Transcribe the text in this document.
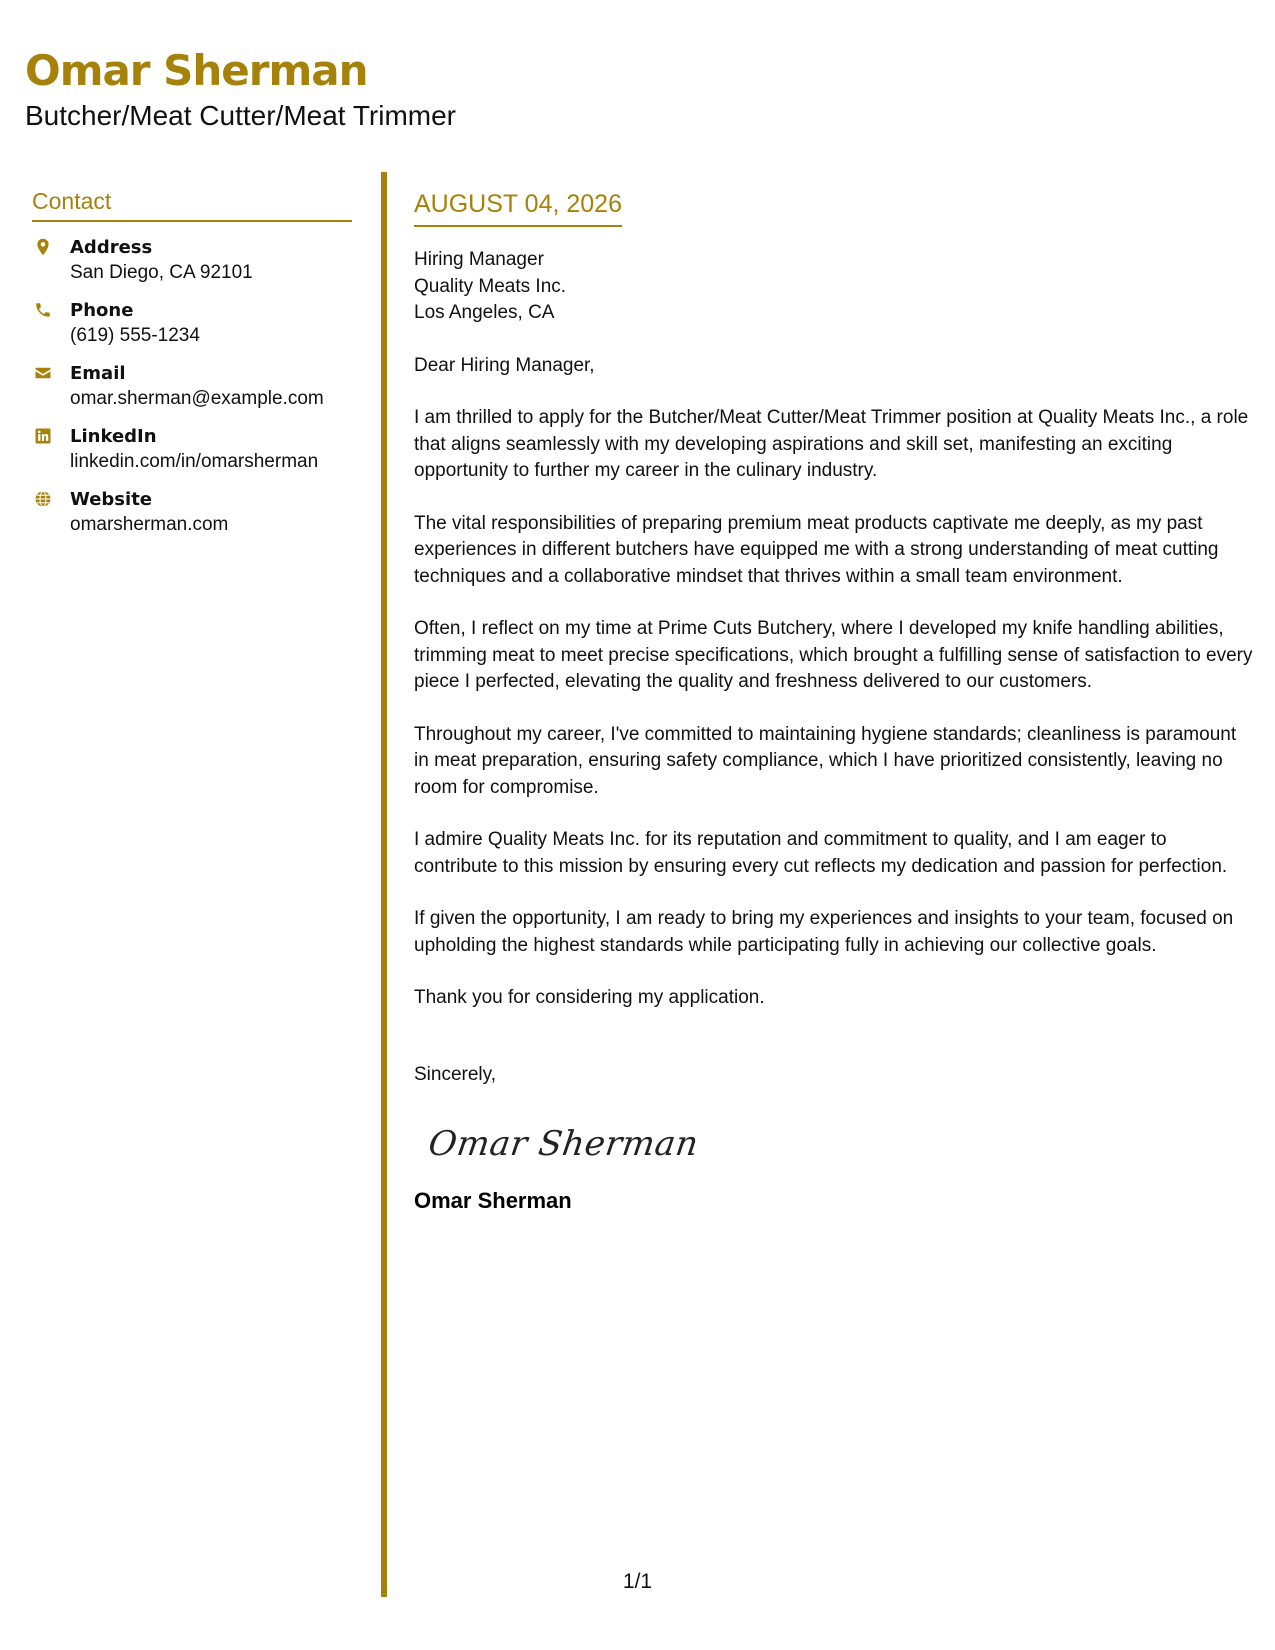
Omar Sherman
Butcher/Meat Cutter/Meat Trimmer
Contact
Address
San Diego, CA 92101
Phone
(619) 555-1234
Email
omar.sherman@example.com
LinkedIn
linkedin.com/in/omarsherman
Website
omarsherman.com
AUGUST 04, 2026
Hiring Manager
Quality Meats Inc.
Los Angeles, CA
Dear Hiring Manager,

I am thrilled to apply for the Butcher/Meat Cutter/Meat Trimmer position at Quality Meats Inc., a role that aligns seamlessly with my developing aspirations and skill set, manifesting an exciting opportunity to further my career in the culinary industry.

The vital responsibilities of preparing premium meat products captivate me deeply, as my past experiences in different butchers have equipped me with a strong understanding of meat cutting techniques and a collaborative mindset that thrives within a small team environment.

Often, I reflect on my time at Prime Cuts Butchery, where I developed my knife handling abilities, trimming meat to meet precise specifications, which brought a fulfilling sense of satisfaction to every piece I perfected, elevating the quality and freshness delivered to our customers.

Throughout my career, I've committed to maintaining hygiene standards; cleanliness is paramount in meat preparation, ensuring safety compliance, which I have prioritized consistently, leaving no room for compromise.

I admire Quality Meats Inc. for its reputation and commitment to quality, and I am eager to contribute to this mission by ensuring every cut reflects my dedication and passion for perfection.

If given the opportunity, I am ready to bring my experiences and insights to your team, focused on upholding the highest standards while participating fully in achieving our collective goals.

Thank you for considering my application.

Sincerely,
Omar Sherman
Omar Sherman
1/1
